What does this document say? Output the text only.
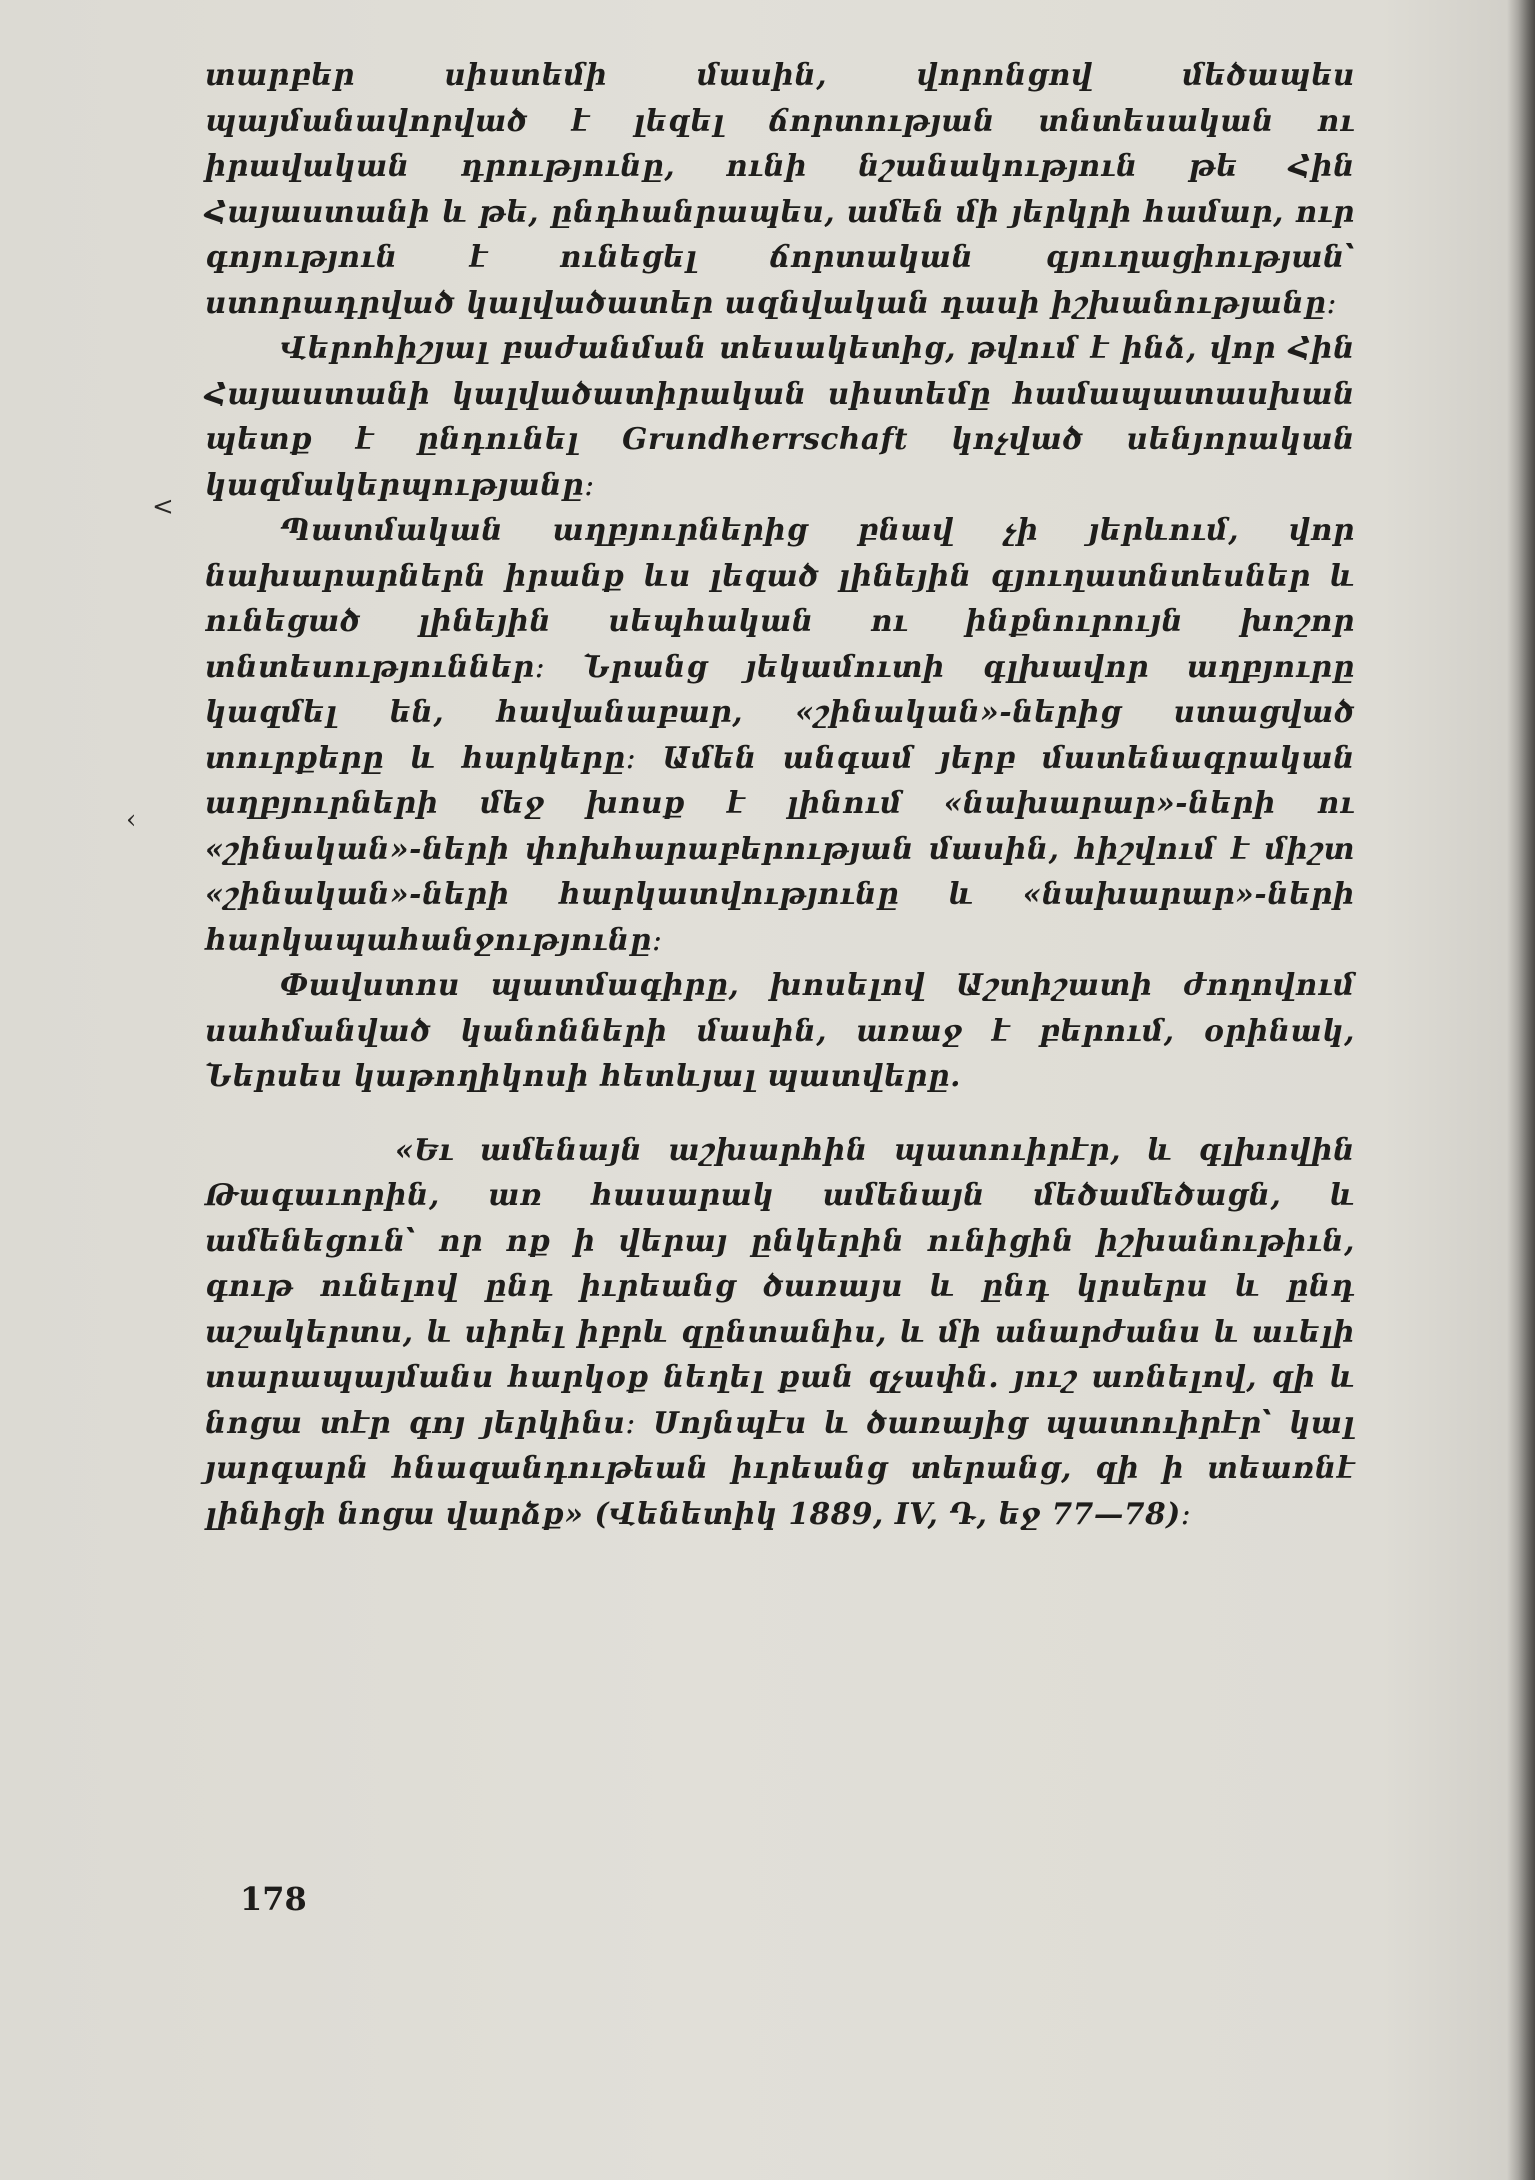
<
‹

տարբեր սիստեմի մասին, վորոնցով մեծապես պայմանավորված է լեզել ճորտության տնտեսական ու իրավական դրությունը, ունի նշանակություն թե Հին Հայաստանի և թե, ընդհանրապես, ամեն մի յերկրի համար, ուր գոյություն է ունեցել ճորտական գյուղացիության՝ ստորադրված կալվածատեր ազնվական դասի իշխանությանը։

Վերոհիշյալ բաժանման տեսակետից, թվում է ինձ, վոր Հին Հայաստանի կալվածատիրական սիստեմը համապատասխան պետք է ընդունել Grundherrschaft կոչված սենյորական կազմակերպությանը։

Պատմական աղբյուրներից բնավ չի յերևում, վոր նախարարներն իրանք ևս լեզած լինեյին գյուղատնտեսներ և ունեցած լինեյին սեպհական ու ինքնուրույն խոշոր տնտեսություններ։ Նրանց յեկամուտի գլխավոր աղբյուրը կազմել են, հավանաբար, «շինական»-ներից ստացված տուրքերը և հարկերը։ Ամեն անգամ յերբ մատենագրական աղբյուրների մեջ խոսք է լինում «նախարար»-ների ու «շինական»-ների փոխհարաբերության մասին, հիշվում է միշտ «շինական»-ների հարկատվությունը և «նախարար»-ների հարկապահանջությունը։

Փավստոս պատմագիրը, խոսելով Աշտիշատի ժողովում սահմանված կանոնների մասին, առաջ է բերում, օրինակ, Ներսես կաթողիկոսի հետևյալ պատվերը.

«Եւ ամենայն աշխարհին պատուիրէր, և գլխովին Թագաւորին, առ հասարակ ամենայն մեծամեծացն, և ամենեցուն՝ որ ոք ի վերայ ընկերին ունիցին իշխանութիւն, գութ ունելով ընդ իւրեանց ծառայս և ընդ կրսերս և ընդ աշակերտս, և սիրել իբրև զընտանիս, և մի անարժանս և աւելի տարապայմանս հարկօք նեղել քան զչափն. յուշ առնելով, զի և նոցա տէր գոյ յերկինս։ Սոյնպէս և ծառայից պատուիրէր՝ կալ յարգարն հնազանդութեան իւրեանց տերանց, զի ի տեառնէ լինիցի նոցա վարձք» (Վենետիկ 1889, IV, Դ, եջ 77—78)։

178
